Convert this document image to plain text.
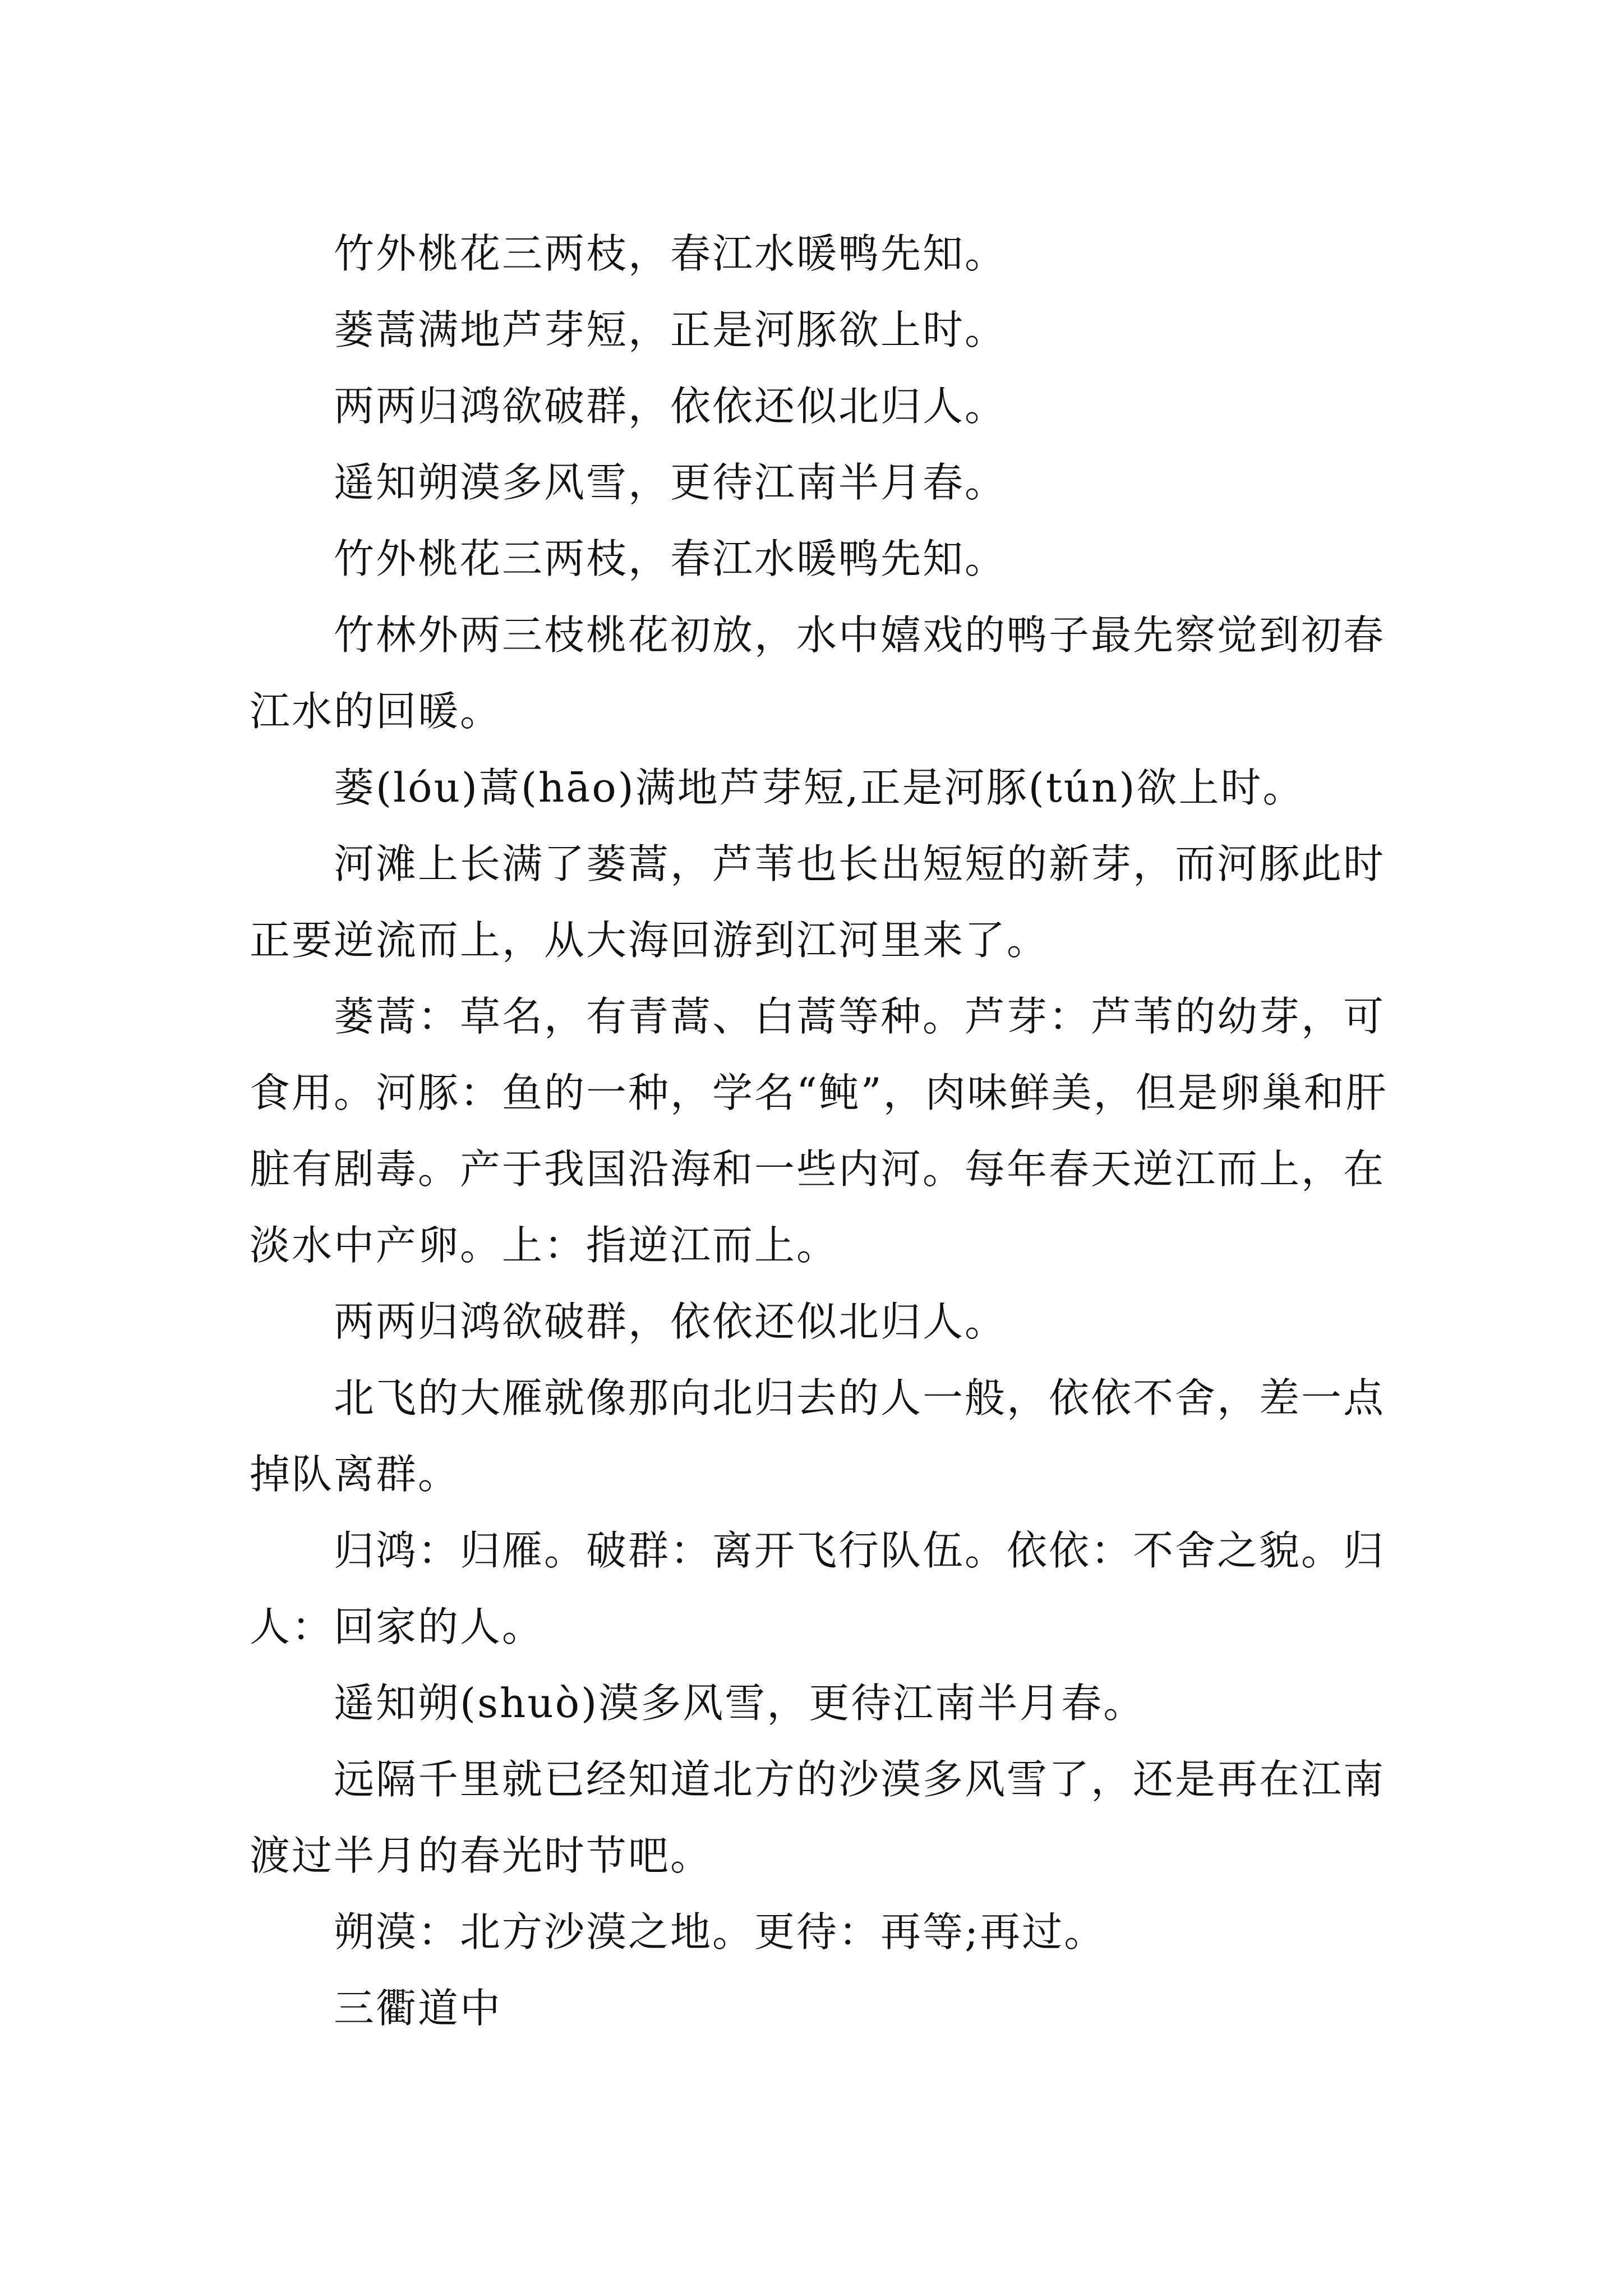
竹外桃花三两枝，春江水暖鸭先知。

蒌蒿满地芦芽短，正是河豚欲上时。

两两归鸿欲破群，依依还似北归人。

遥知朔漠多风雪，更待江南半月春。

竹外桃花三两枝，春江水暖鸭先知。

竹林外两三枝桃花初放，水中嬉戏的鸭子最先察觉到初春江水的回暖。

蒌(lóu)蒿(hāo)满地芦芽短,正是河豚(tún)欲上时。

河滩上长满了蒌蒿，芦苇也长出短短的新芽，而河豚此时正要逆流而上，从大海回游到江河里来了。

蒌蒿：草名，有青蒿、白蒿等种。芦芽：芦苇的幼芽，可食用。河豚：鱼的一种，学名“鲀”，肉味鲜美，但是卵巢和肝脏有剧毒。产于我国沿海和一些内河。每年春天逆江而上，在淡水中产卵。上：指逆江而上。

两两归鸿欲破群，依依还似北归人。

北飞的大雁就像那向北归去的人一般，依依不舍，差一点掉队离群。

归鸿：归雁。破群：离开飞行队伍。依依：不舍之貌。归人：回家的人。

遥知朔(shuò)漠多风雪，更待江南半月春。

远隔千里就已经知道北方的沙漠多风雪了，还是再在江南渡过半月的春光时节吧。

朔漠：北方沙漠之地。更待：再等;再过。

三衢道中
